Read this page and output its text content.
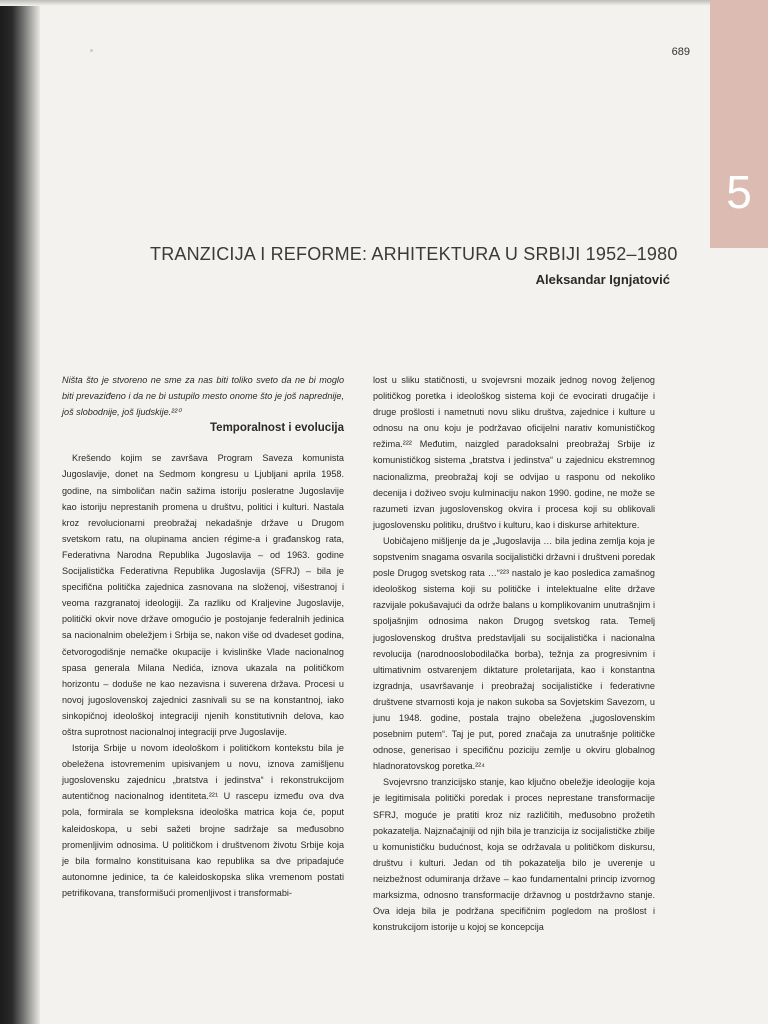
5
689
TRANZICIJA I REFORME: ARHITEKTURA U SRBIJI 1952–1980
Aleksandar Ignjatović

Ništa što je stvoreno ne sme za nas biti toliko sveto da ne bi moglo biti prevaziđeno i da ne bi ustupilo mesto onome što je još naprednije, još slobodnije, još ljudskije.²²⁰

Temporalnost i evolucija

Krešendo kojim se završava Program Saveza komunista Jugoslavije, donet na Sedmom kongresu u Ljubljani aprila 1958. godine, na simboličan način sažima istoriju posleratne Jugoslavije kao istoriju neprestanih promena u društvu, politici i kulturi. Nastala kroz revolucionarni preobražaj nekadašnje države u Drugom svetskom ratu, na olupinama ancien régime-a i građanskog rata, Federativna Narodna Republika Jugoslavija – od 1963. godine Socijalistička Federativna Republika Jugoslavija (SFRJ) – bila je specifična politička zajednica zasnovana na složenoj, višestranoj i veoma razgranatoj ideologiji. Za razliku od Kraljevine Jugoslavije, politički okvir nove države omogućio je postojanje federalnih jedinica sa nacionalnim obeležjem i Srbija se, nakon više od dvadeset godina, četvorogodišnje nemačke okupacije i kvislinške Vlade nacionalnog spasa generala Milana Nedića, iznova ukazala na političkom horizontu – doduše ne kao nezavisna i suverena država. Procesi u novoj jugoslovenskoj zajednici zasnivali su se na konstantnoj, iako sinkopičnoj ideološkoj integraciji njenih konstitutivnih delova, kao oštra suprotnost nacionalnoj integraciji prve Jugoslavije.

Istorija Srbije u novom ideološkom i političkom kontekstu bila je obeležena istovremenim upisivanjem u novu, iznova zamišljenu jugoslovensku zajednicu „bratstva i jedinstva“ i rekonstrukcijom autentičnog nacionalnog identiteta.²²¹ U rascepu između ova dva pola, formirala se kompleksna ideološka matrica koja će, poput kaleidoskopa, u sebi sažeti brojne sadržaje sa međusobno promenljivim odnosima. U političkom i društvenom životu Srbije koja je bila formalno konstituisana kao republika sa dve pripadajuće autonomne jedinice, ta će kaleidoskopska slika vremenom postati petrifikovana, transformišući promenljivost i transformabi-

lost u sliku statičnosti, u svojevrsni mozaik jednog novog željenog političkog poretka i ideološkog sistema koji će evocirati drugačije i druge prošlosti i nametnuti novu sliku društva, zajednice i kulture u odnosu na onu koju je podržavao oficijelni narativ komunističkog režima.²²² Međutim, naizgled paradoksalni preobražaj Srbije iz komunističkog sistema „bratstva i jedinstva“ u zajednicu ekstremnog nacionalizma, preobražaj koji se odvijao u rasponu od nekoliko decenija i doživeo svoju kulminaciju nakon 1990. godine, ne može se razumeti izvan jugoslovenskog okvira i procesa koji su oblikovali jugoslovensku politiku, društvo i kulturu, kao i diskurse arhitekture.

Uobičajeno mišljenje da je „Jugoslavija … bila jedina zemlja koja je sopstvenim snagama osvarila socijalistički državni i društveni poredak posle Drugog svetskog rata …“²²³ nastalo je kao posledica zamašnog ideološkog sistema koji su političke i intelektualne elite države razvijale pokušavajući da održe balans u komplikovanim unutrašnjim i spoljašnjim odnosima nakon Drugog svetskog rata. Temelj jugoslovenskog društva predstavljali su socijalistička i nacionalna revolucija (narodnooslobodilačka borba), težnja za progresivnim i ultimativnim ostvarenjem diktature proletarijata, kao i konstantna izgradnja, usavršavanje i preobražaj socijalističke i federativne društvene stvarnosti koja je nakon sukoba sa Sovjetskim Savezom, u junu 1948. godine, postala trajno obeležena „jugoslovenskim posebnim putem“. Taj je put, pored značaja za unutrašnje političke odnose, generisao i specifičnu poziciju zemlje u okviru globalnog hladnoratovskog poretka.²²⁴

Svojevrsno tranzicijsko stanje, kao ključno obeležje ideologije koja je legitimisala politički poredak i proces neprestane transformacije SFRJ, moguće je pratiti kroz niz različitih, međusobno prožetih pokazatelja. Najznačajniji od njih bila je tranzicija iz socijalističke zbilje u komunističku budućnost, koja se održavala u političkom diskursu, društvu i kulturi. Jedan od tih pokazatelja bilo je uverenje u neizbežnost odumiranja države – kao fundamentalni princip izvornog marksizma, odnosno transformacije državnog u postdržavno stanje. Ova ideja bila je podržana specifičnim pogledom na prošlost i konstrukcijom istorije u kojoj se koncepcija
